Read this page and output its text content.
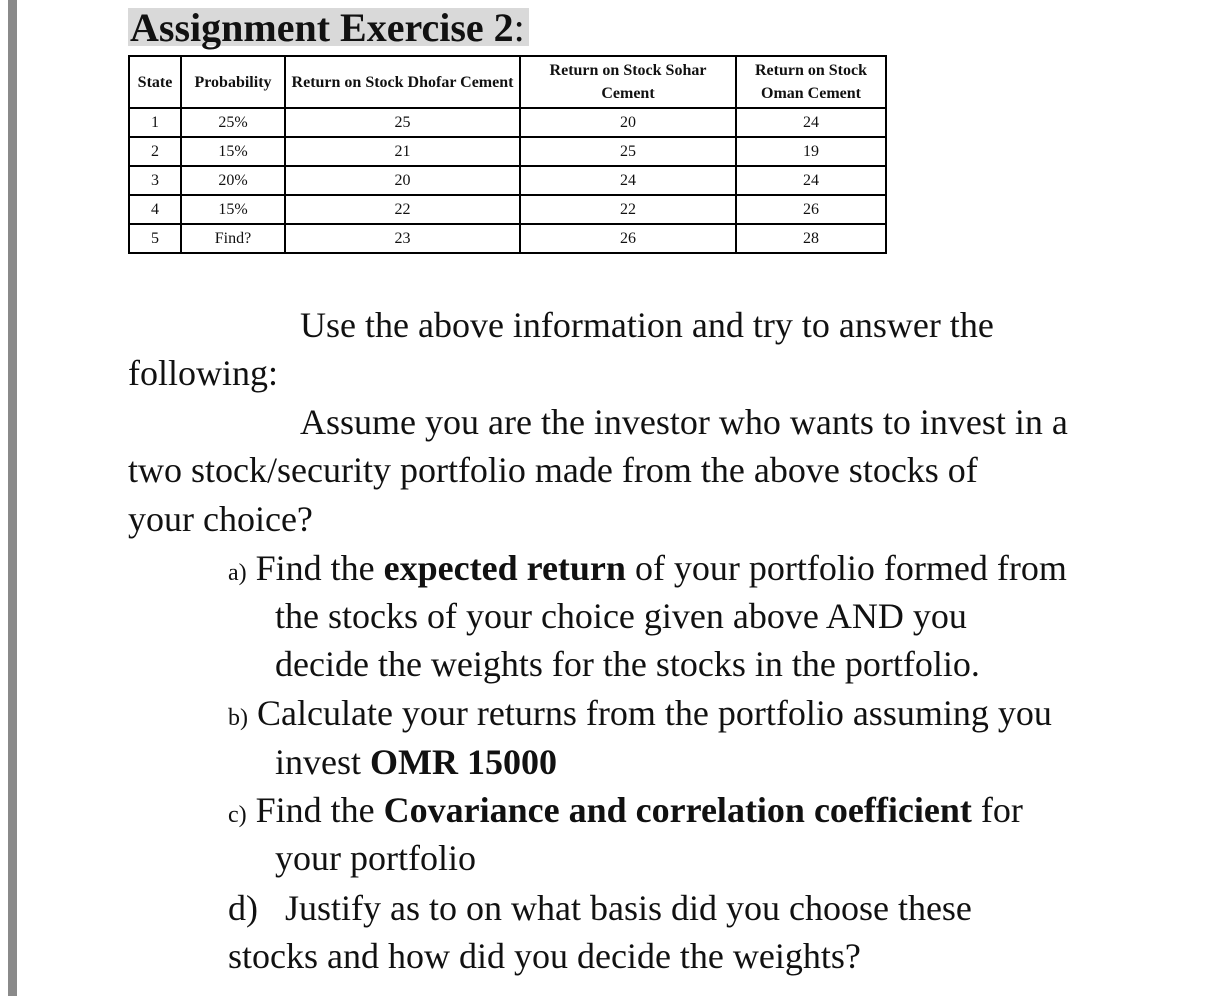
Assignment Exercise 2:
State	Probability	Return on Stock Dhofar Cement	Return on Stock Sohar Cement	Return on Stock Oman Cement
1	25%	25	20	24
2	15%	21	25	19
3	20%	20	24	24
4	15%	22	22	26
5	Find?	23	26	28
Use the above information and try to answer the
following:
Assume you are the investor who wants to invest in a
two stock/security portfolio made from the above stocks of
your choice?
a) Find the expected return of your portfolio formed from
the stocks of your choice given above AND you
decide the weights for the stocks in the portfolio.
b) Calculate your returns from the portfolio assuming you
invest OMR 15000
c) Find the Covariance and correlation coefficient for
your portfolio
d)   Justify as to on what basis did you choose these
stocks and how did you decide the weights?
